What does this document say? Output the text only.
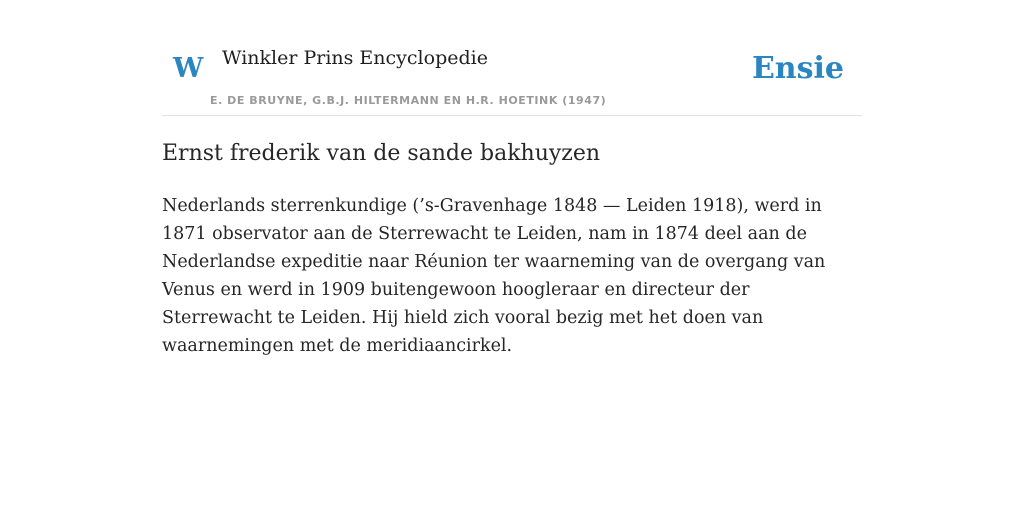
W Winkler Prins Encyclopedie
E. DE BRUYNE, G.B.J. HILTERMANN EN H.R. HOETINK (1947)
Ensie
Ernst frederik van de sande bakhuyzen

Nederlands sterrenkundige (’s-Gravenhage 1848 — Leiden 1918), werd in 1871 observator aan de Sterrewacht te Leiden, nam in 1874 deel aan de Nederlandse expeditie naar Réunion ter waarneming van de overgang van Venus en werd in 1909 buitengewoon hoogleraar en directeur der Sterrewacht te Leiden. Hij hield zich vooral bezig met het doen van waarnemingen met de meridiaancirkel.
